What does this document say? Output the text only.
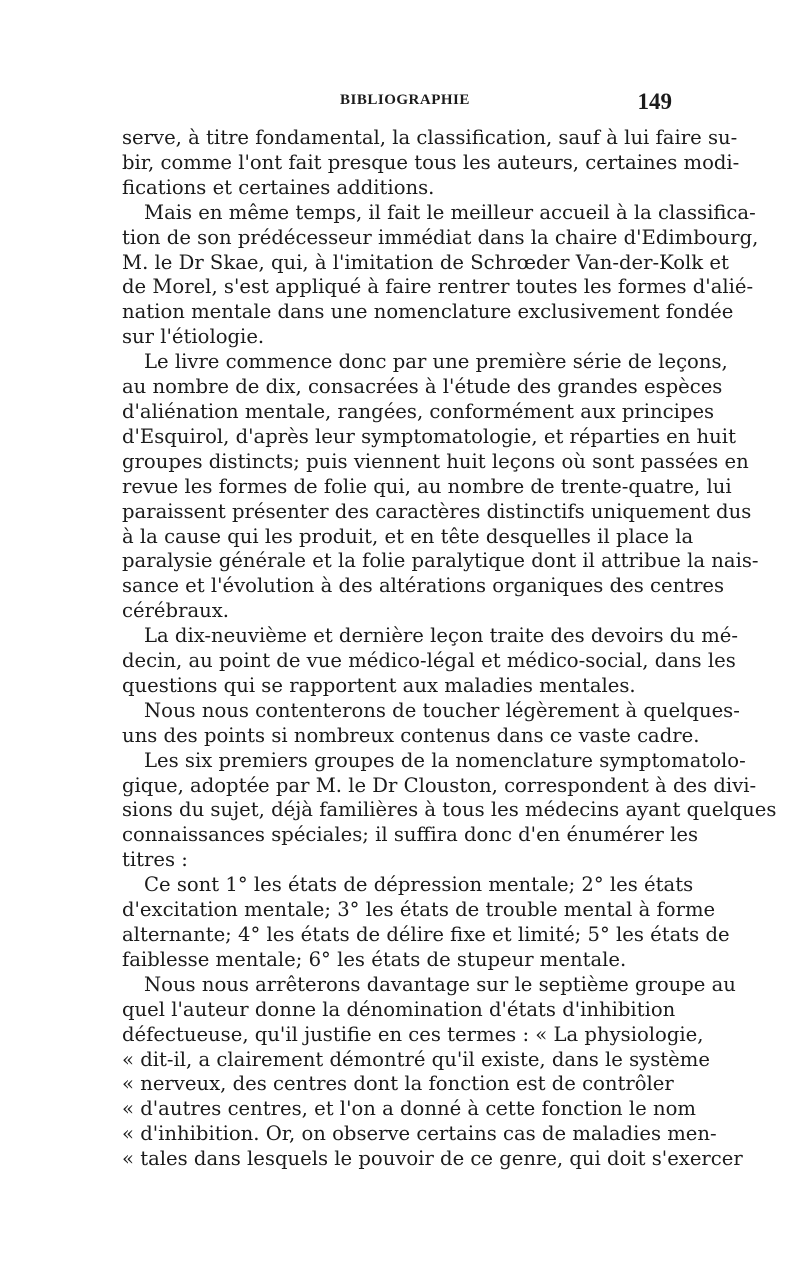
BIBLIOGRAPHIE	149
serve, à titre fondamental, la classification, sauf à lui faire su-
bir, comme l'ont fait presque tous les auteurs, certaines modi-
fications et certaines additions.
Mais en même temps, il fait le meilleur accueil à la classifica-
tion de son prédécesseur immédiat dans la chaire d'Edimbourg,
M. le Dr Skae, qui, à l'imitation de Schrœder Van-der-Kolk et
de Morel, s'est appliqué à faire rentrer toutes les formes d'alié-
nation mentale dans une nomenclature exclusivement fondée
sur l'étiologie.
Le livre commence donc par une première série de leçons,
au nombre de dix, consacrées à l'étude des grandes espèces
d'aliénation mentale, rangées, conformément aux principes
d'Esquirol, d'après leur symptomatologie, et réparties en huit
groupes distincts; puis viennent huit leçons où sont passées en
revue les formes de folie qui, au nombre de trente-quatre, lui
paraissent présenter des caractères distinctifs uniquement dus
à la cause qui les produit, et en tête desquelles il place la
paralysie générale et la folie paralytique dont il attribue la nais-
sance et l'évolution à des altérations organiques des centres
cérébraux.
La dix-neuvième et dernière leçon traite des devoirs du mé-
decin, au point de vue médico-légal et médico-social, dans les
questions qui se rapportent aux maladies mentales.
Nous nous contenterons de toucher légèrement à quelques-
uns des points si nombreux contenus dans ce vaste cadre.
Les six premiers groupes de la nomenclature symptomatolo-
gique, adoptée par M. le Dr Clouston, correspondent à des divi-
sions du sujet, déjà familières à tous les médecins ayant quelques
connaissances spéciales; il suffira donc d'en énumérer les
titres :
Ce sont 1° les états de dépression mentale; 2° les états
d'excitation mentale; 3° les états de trouble mental à forme
alternante; 4° les états de délire fixe et limité; 5° les états de
faiblesse mentale; 6° les états de stupeur mentale.
Nous nous arrêterons davantage sur le septième groupe au
quel l'auteur donne la dénomination d'états d'inhibition
défectueuse, qu'il justifie en ces termes : « La physiologie,
« dit-il, a clairement démontré qu'il existe, dans le système
« nerveux, des centres dont la fonction est de contrôler
« d'autres centres, et l'on a donné à cette fonction le nom
« d'inhibition. Or, on observe certains cas de maladies men-
« tales dans lesquels le pouvoir de ce genre, qui doit s'exercer
